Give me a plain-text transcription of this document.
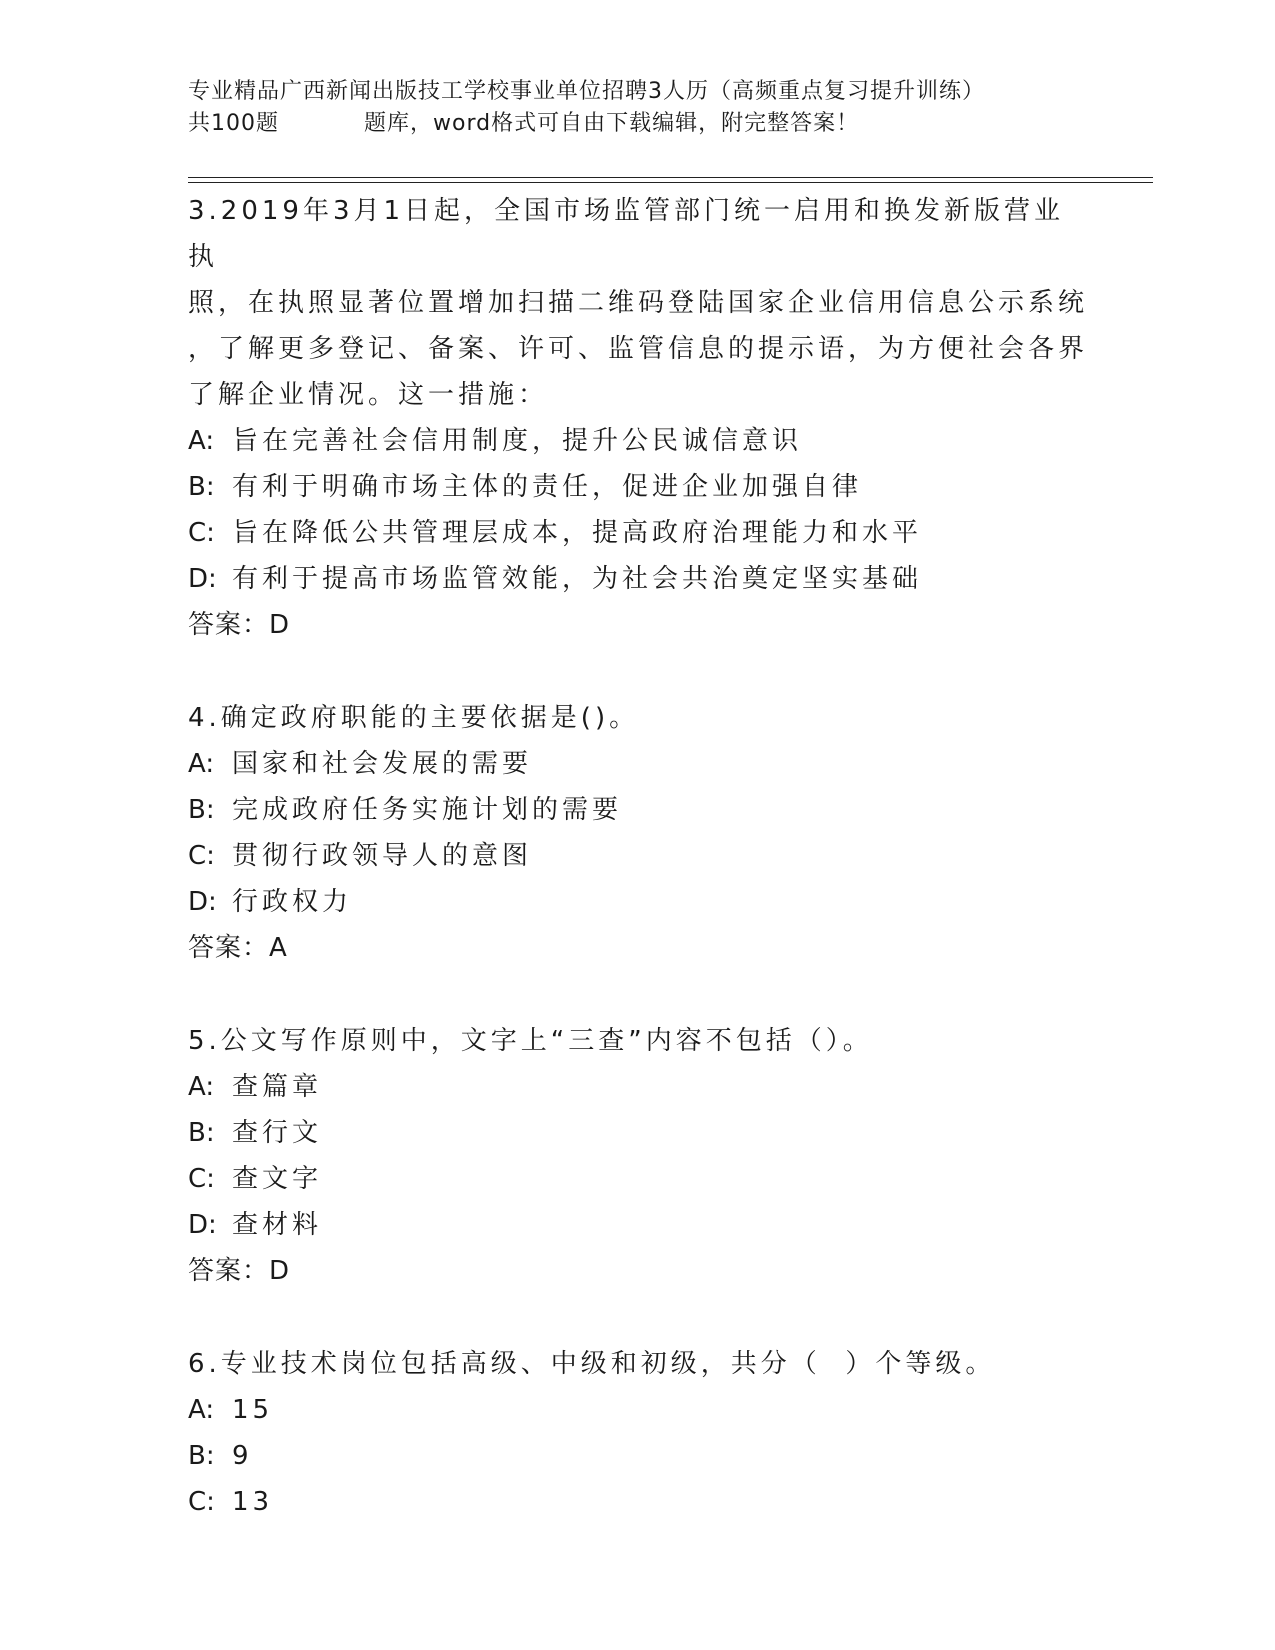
专业精品广西新闻出版技工学校事业单位招聘3人历（高频重点复习提升训练）
共100题	题库，word格式可自由下载编辑，附完整答案！
3.2019年3月1日起，全国市场监管部门统一启用和换发新版营业执
照，在执照显著位置增加扫描二维码登陆国家企业信用信息公示系统
，了解更多登记、备案、许可、监管信息的提示语，为方便社会各界
了解企业情况。这一措施：
A: 旨在完善社会信用制度，提升公民诚信意识
B: 有利于明确市场主体的责任，促进企业加强自律
C: 旨在降低公共管理层成本，提高政府治理能力和水平
D: 有利于提高市场监管效能，为社会共治奠定坚实基础
答案：D
4.确定政府职能的主要依据是()。
A: 国家和社会发展的需要
B: 完成政府任务实施计划的需要
C: 贯彻行政领导人的意图
D: 行政权力
答案：A
5.公文写作原则中，文字上“三查”内容不包括（）。
A: 查篇章
B: 查行文
C: 查文字
D: 查材料
答案：D
6.专业技术岗位包括高级、中级和初级，共分（  ）个等级。
A: 15
B: 9
C: 13
